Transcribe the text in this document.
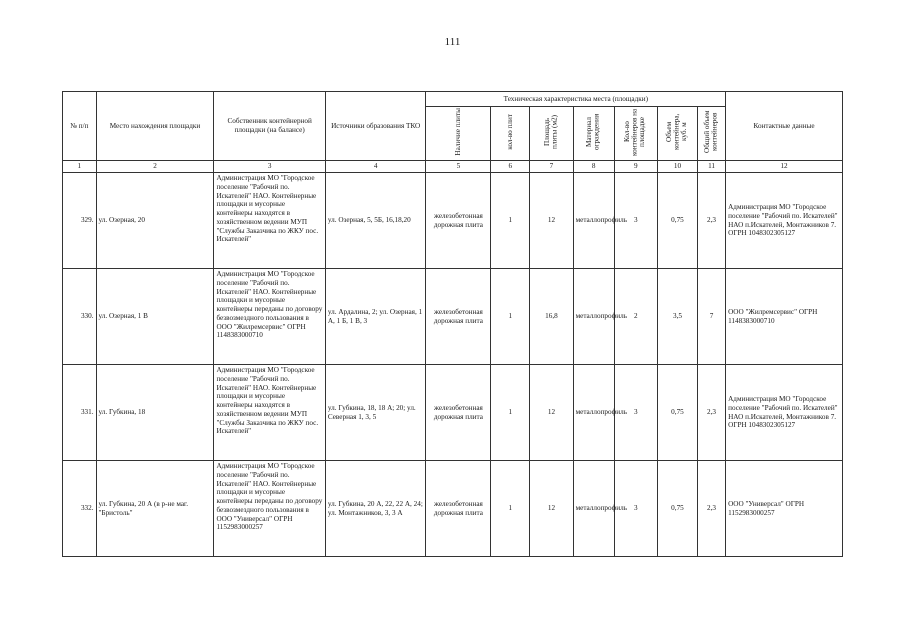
111
№ п/п	Место нахождения площадки	Собственник контейнерной площадки (на балансе)	Источники образования ТКО	Техническая характеристика места (площадки)							Контактные данные
				Наличие плиты	кол-во плит	Площадь плиты (м2)	Материал ограждения	Кол-во контейнеров на площадке	Объем контейнера, куб. м	Общий объем контейнеров	
1	2	3	4	5	6	7	8	9	10	11	12
329.	ул. Озерная, 20	Администрация МО "Городское поселение "Рабочий по. Искателей" НАО. Контейнерные площадки и мусорные контейнеры находятся в хозяйственном ведении МУП "Службы Заказчика по ЖКУ пос. Искателей"	ул. Озерная, 5, 5Б, 16,18,20	железобетонная дорожная плита	1	12	металлопрофиль	3	0,75	2,3	Администрация МО "Городское поселение "Рабочий по. Искателей" НАО п.Искателей, Монтажников 7. ОГРН 1048302305127
330.	ул. Озерная, 1 В	Администрация МО "Городское поселение "Рабочий по. Искателей" НАО. Контейнерные площадки и мусорные контейнеры переданы по договору безвозмездного пользования в ООО "Жилремсервис" ОГРН 1148383000710	ул. Ардалина, 2; ул. Озерная, 1 А, 1 Б, 1 В, 3	железобетонная дорожная плита	1	16,8	металлопрофиль	2	3,5	7	ООО "Жилремсервис" ОГРН 1148383000710
331.	ул. Губкина, 18	Администрация МО "Городское поселение "Рабочий по. Искателей" НАО. Контейнерные площадки и мусорные контейнеры находятся в хозяйственном ведении МУП "Службы Заказчика по ЖКУ пос. Искателей"	ул. Губкина, 18, 18 А; 20; ул. Северная 1, 3, 5	железобетонная дорожная плита	1	12	металлопрофиль	3	0,75	2,3	Администрация МО "Городское поселение "Рабочий по. Искателей" НАО п.Искателей, Монтажников 7. ОГРН 1048302305127
332.	ул. Губкина, 20 А (в р-не маг. "Бристоль"	Администрация МО "Городское поселение "Рабочий по. Искателей" НАО. Контейнерные площадки и мусорные контейнеры переданы по договору безвозмездного пользования в ООО "Универсал" ОГРН 1152983000257	ул. Губкина, 20 А, 22, 22 А, 24; ул. Монтажников, 3, 3 А	железобетонная дорожная плита	1	12	металлопрофиль	3	0,75	2,3	ООО "Универсал" ОГРН 1152983000257
